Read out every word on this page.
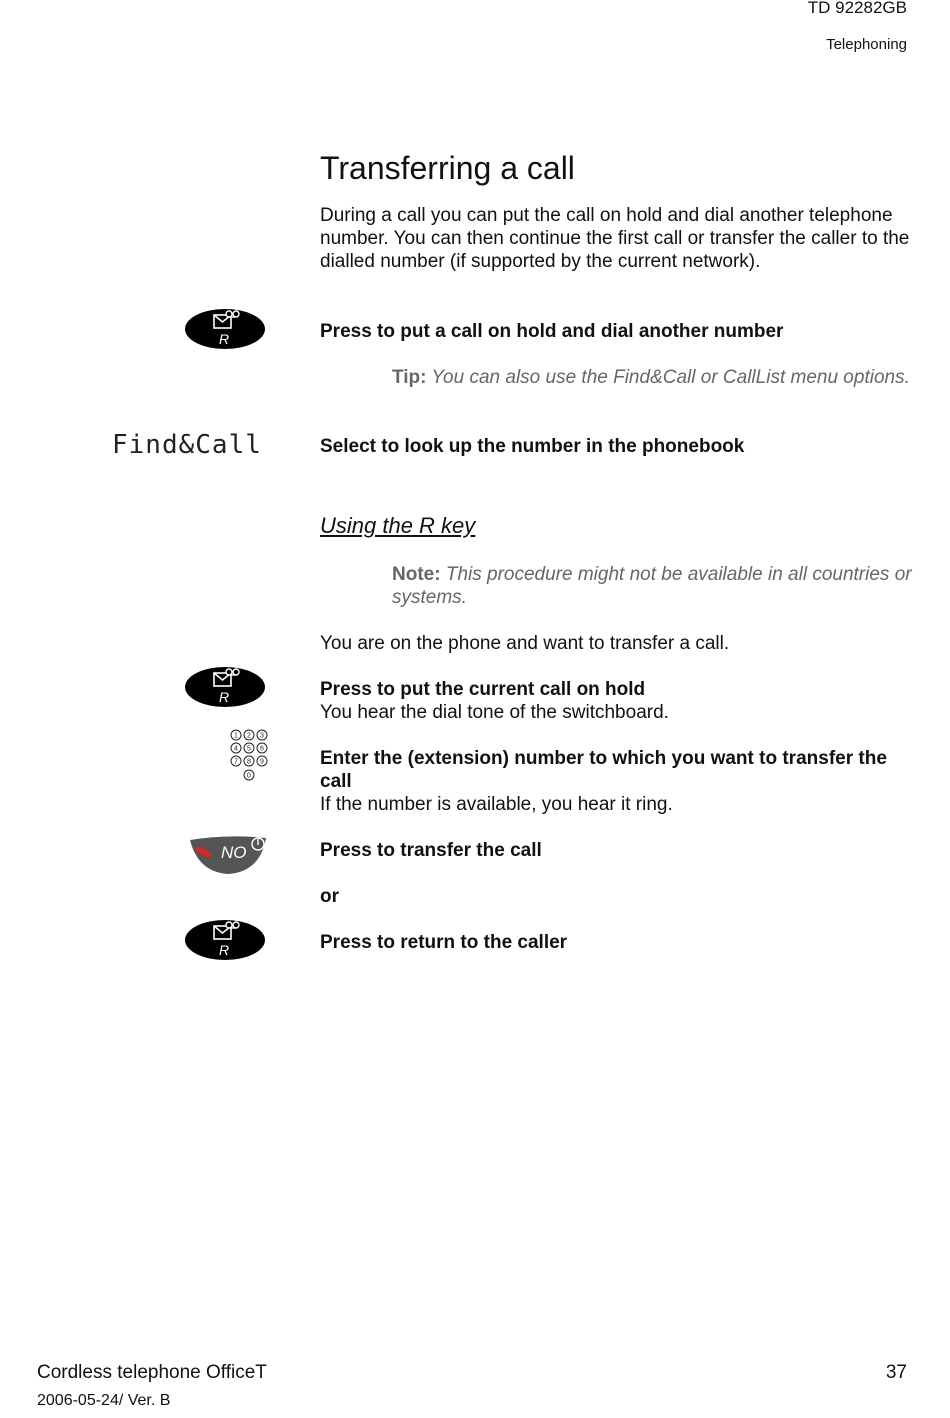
TD 92282GB
Telephoning
Transferring a call
During a call you can put the call on hold and dial another telephone number. You can then continue the first call or transfer the caller to the dialled number (if supported by the current network).
R	Press to put a call on hold and dial another number
Tip: You can also use the Find&Call or CallList menu options.
Find&Call	Select to look up the number in the phonebook
Using the R key
Note: This procedure might not be available in all countries or systems.
You are on the phone and want to transfer a call.
R	Press to put the current call on hold
You hear the dial tone of the switchboard.
1 2 3
4 5 6
7 8 9
0
Enter the (extension) number to which you want to transfer the call
If the number is available, you hear it ring.
NO	Press to transfer the call
or
R	Press to return to the caller
Cordless telephone OfficeT
2006-05-24/ Ver. B
37
